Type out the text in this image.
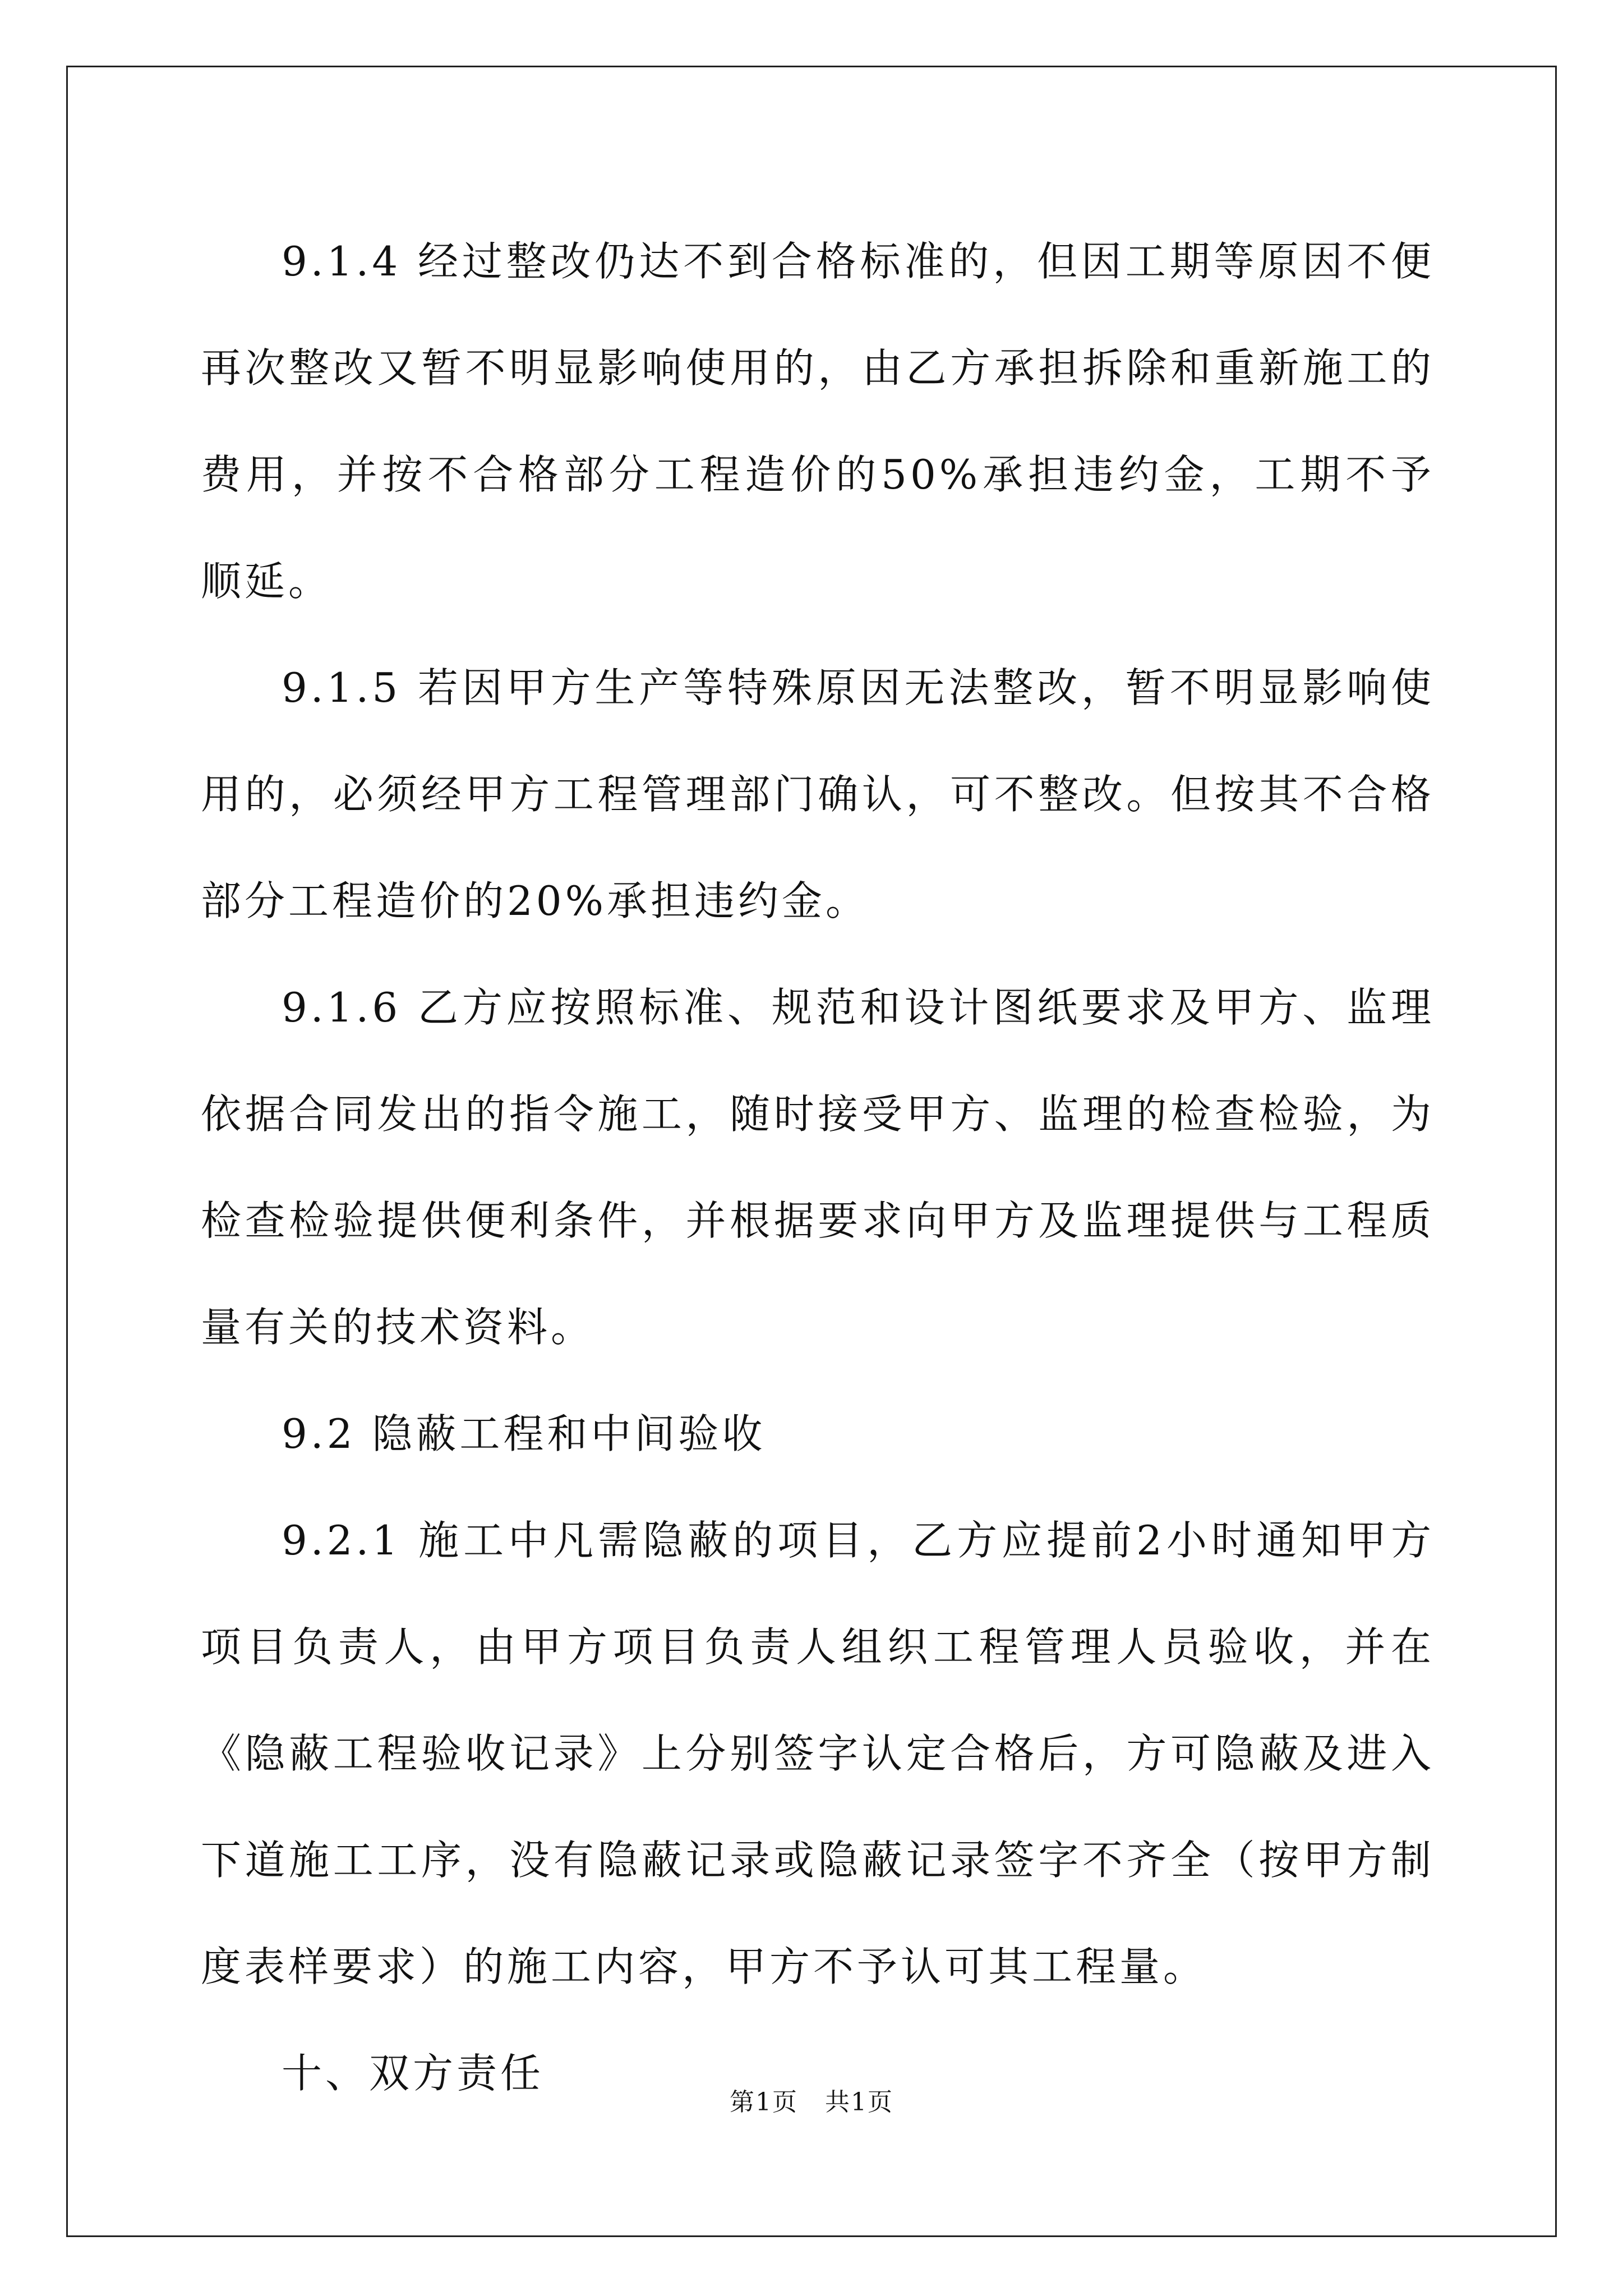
9.1.4 经过整改仍达不到合格标准的，但因工期等原因不便再次整改又暂不明显影响使用的，由乙方承担拆除和重新施工的费用，并按不合格部分工程造价的50%承担违约金，工期不予顺延。

9.1.5 若因甲方生产等特殊原因无法整改，暂不明显影响使用的，必须经甲方工程管理部门确认，可不整改。但按其不合格部分工程造价的20%承担违约金。

9.1.6 乙方应按照标准、规范和设计图纸要求及甲方、监理依据合同发出的指令施工，随时接受甲方、监理的检查检验，为检查检验提供便利条件，并根据要求向甲方及监理提供与工程质量有关的技术资料。

9.2 隐蔽工程和中间验收

9.2.1 施工中凡需隐蔽的项目，乙方应提前2小时通知甲方项目负责人，由甲方项目负责人组织工程管理人员验收，并在《隐蔽工程验收记录》上分别签字认定合格后，方可隐蔽及进入下道施工工序，没有隐蔽记录或隐蔽记录签字不齐全（按甲方制度表样要求）的施工内容，甲方不予认可其工程量。

十、双方责任

第1页 共1页
